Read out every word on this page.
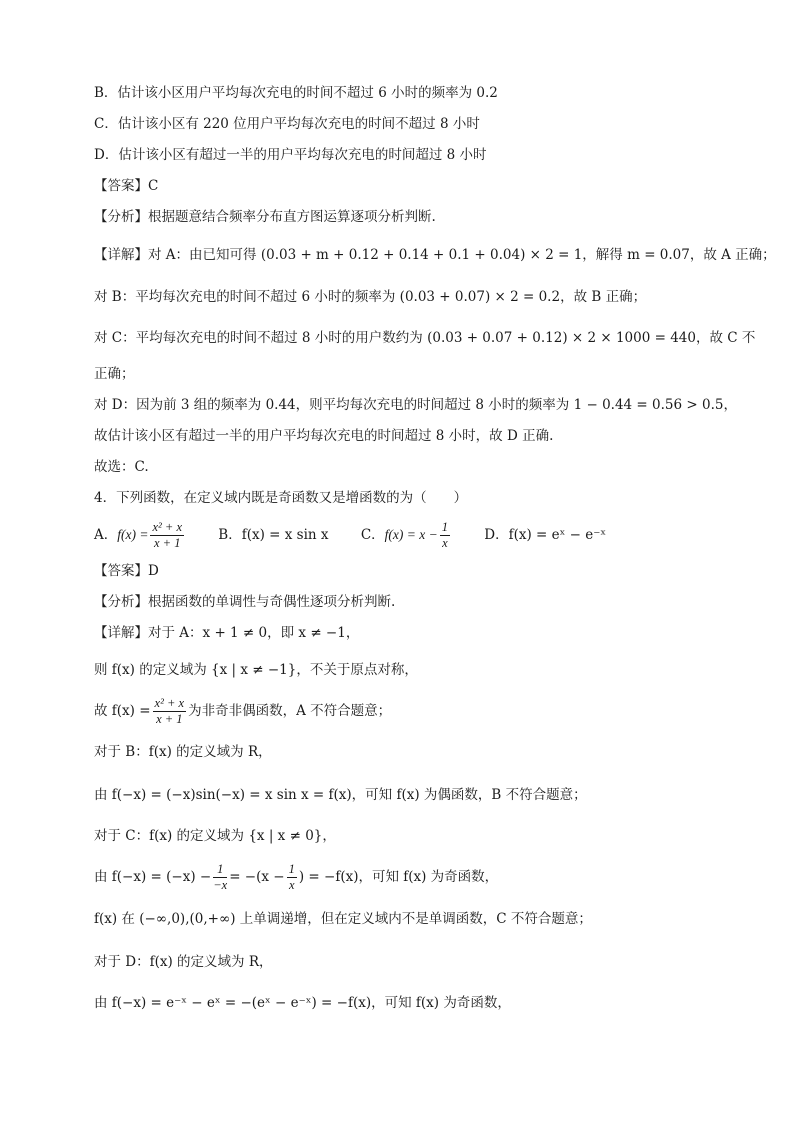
B．估计该小区用户平均每次充电的时间不超过 6 小时的频率为 0.2
C．估计该小区有 220 位用户平均每次充电的时间不超过 8 小时
D．估计该小区有超过一半的用户平均每次充电的时间超过 8 小时
【答案】C
【分析】根据题意结合频率分布直方图运算逐项分析判断.
【详解】对 A：由已知可得 (0.03 + m + 0.12 + 0.14 + 0.1 + 0.04) × 2 = 1，解得 m = 0.07，故 A 正确；
对 B：平均每次充电的时间不超过 6 小时的频率为 (0.03 + 0.07) × 2 = 0.2，故 B 正确；
对 C：平均每次充电的时间不超过 8 小时的用户数约为 (0.03 + 0.07 + 0.12) × 2 × 1000 = 440，故 C 不
正确；
对 D：因为前 3 组的频率为 0.44，则平均每次充电的时间超过 8 小时的频率为 1 − 0.44 = 0.56 > 0.5，
故估计该小区有超过一半的用户平均每次充电的时间超过 8 小时，故 D 正确.
故选：C.
4．下列函数，在定义域内既是奇函数又是增函数的为（　　）
A．$f(x) = \frac{\text{x² + x}}{x + 1}$	B．f(x) = x sin x C．$f(x) = x - \frac{1}{x}$	D．f(x) = eˣ − e⁻ˣ
【答案】D
【分析】根据函数的单调性与奇偶性逐项分析判断.
【详解】对于 A：x + 1 ≠ 0，即 x ≠ −1，
则 f(x) 的定义域为 {x | x ≠ −1}，不关于原点对称，
故 $f(x) = \frac{\text{x² + x}}{x + 1}$ 为非奇非偶函数，A 不符合题意；
对于 B：f(x) 的定义域为 R，
由 f(−x) = (−x)sin(−x) = x sin x = f(x)，可知 f(x) 为偶函数，B 不符合题意；
对于 C：f(x) 的定义域为 {x | x ≠ 0}，
由 $f(-x) = (-x) - \frac{1}{-x} = -(x - \frac{1}{x}$ ) = −f(x)，可知 f(x) 为奇函数，
f(x) 在 (−∞,0),(0,+∞) 上单调递增，但在定义域内不是单调函数，C 不符合题意；
对于 D：f(x) 的定义域为 R，
由 f(−x) = e⁻ˣ − eˣ = −(eˣ − e⁻ˣ) = −f(x)，可知 f(x) 为奇函数，
